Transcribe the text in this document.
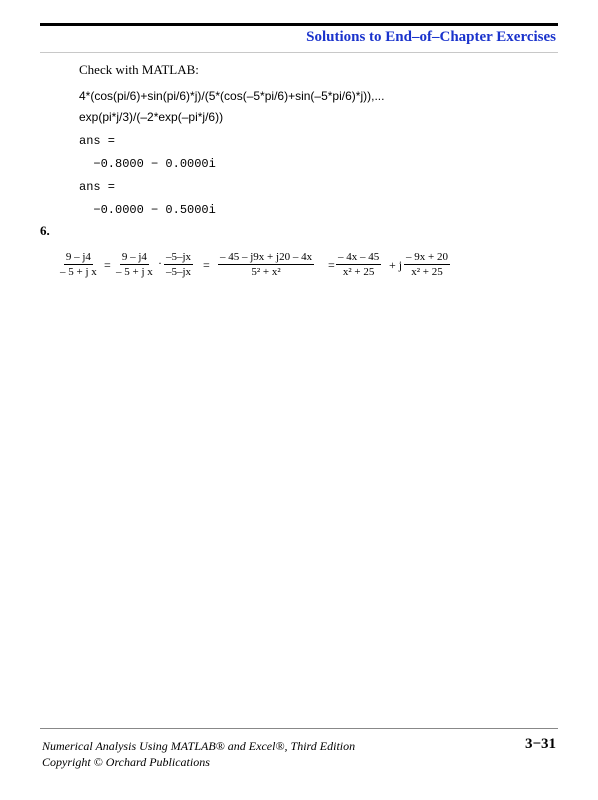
Solutions to End–of–Chapter Exercises
Check with MATLAB:
4*(cos(pi/6)+sin(pi/6)*j)/(5*(cos(–5*pi/6)+sin(–5*pi/6)*j)),...
exp(pi*j/3)/(–2*exp(–pi*j/6))
ans =
−0.8000 − 0.0000i
ans =
−0.0000 − 0.5000i
6.
$\frac{9 - j4}{\text{– 5 + j x}} = \frac{9 - j4}{\text{– 5 + j x}} \cdot \frac{-5-jx}{-5-jx} = \frac{- 45 - j9x + j20 - 4x}{\text{5² + x²}} = \frac{- 4x - 45}{\text{x² + 25}} + j \frac{- 9x + 20}{\text{x² + 25}}$
Numerical Analysis Using MATLAB® and Excel®, Third Edition
Copyright © Orchard Publications
3−31
